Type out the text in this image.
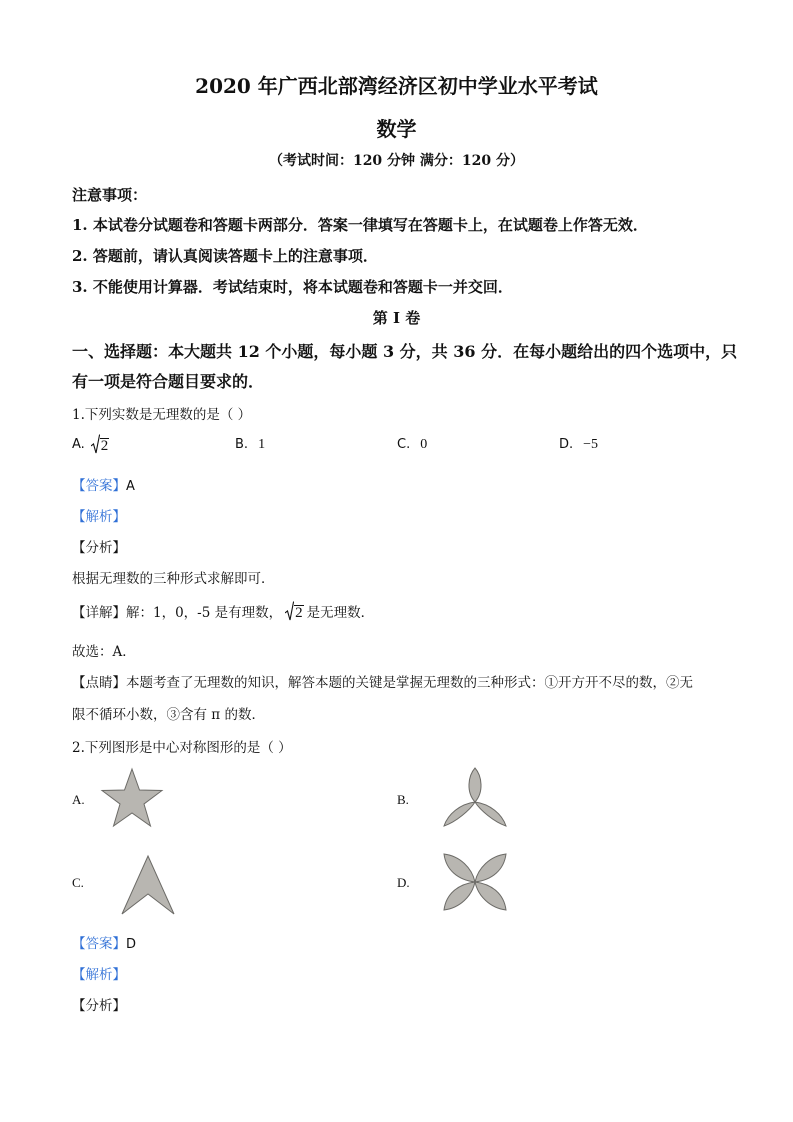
2020 年广西北部湾经济区初中学业水平考试
数学
（考试时间：120 分钟 满分：120 分）
注意事项：
1. 本试卷分试题卷和答题卡两部分．答案一律填写在答题卡上，在试题卷上作答无效．
2. 答题前，请认真阅读答题卡上的注意事项．
3. 不能使用计算器．考试结束时，将本试题卷和答题卡一并交回．
第 I 卷
一、选择题：本大题共 12 个小题，每小题 3 分，共 36 分．在每小题给出的四个选项中，只
有一项是符合题目要求的．
1.下列实数是无理数的是（ ）
A. 2	B. 1	C. 0	D. −5
【答案】A
【解析】
【分析】
根据无理数的三种形式求解即可．
【详解】 解：1，0，-5 是有理数， 2 是无理数．
故选：A．
【点睛】本题考查了无理数的知识，解答本题的关键是掌握无理数的三种形式：①开方开不尽的数，②无
限不循环小数，③含有 π 的数．
2.下列图形是中心对称图形的是（ ）
A.	B.
C.	D.
【答案】D
【解析】
【分析】
